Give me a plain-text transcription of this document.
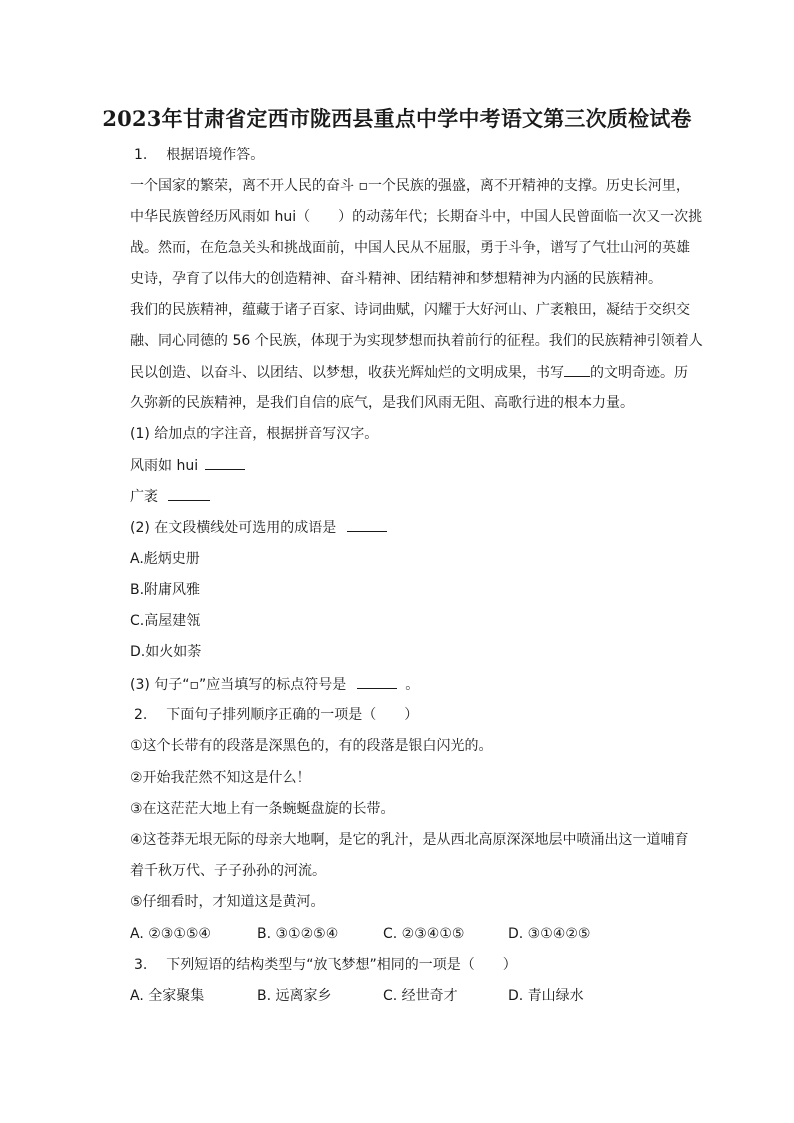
2023年甘肃省定西市陇西县重点中学中考语文第三次质检试卷
1. 根据语境作答。
一个国家的繁荣，离不开人民的奋斗 ▫一个民族的强盛，离不开精神的支撑。历史长河里，
中华民族曾经历风雨如 hui（　　）的动荡年代；长期奋斗中，中国人民曾面临一次又一次挑
战。然而，在危急关头和挑战面前，中国人民从不屈服，勇于斗争，谱写了气壮山河的英雄
史诗，孕育了以伟大的创造精神、奋斗精神、团结精神和梦想精神为内涵的民族精神。
我们的民族精神，蕴藏于诸子百家、诗词曲赋，闪耀于大好河山、广袤粮田，凝结于交织交
融、同心同德的 56 个民族，体现于为实现梦想而执着前行的征程。我们的民族精神引领着人
民以创造、以奋斗、以团结、以梦想，收获光辉灿烂的文明成果，书写 的文明奇迹。历
久弥新的民族精神，是我们自信的底气，是我们风雨无阻、高歌行进的根本力量。
(1) 给加点的字注音，根据拼音写汉字。
风雨如 hui
广袤
(2) 在文段横线处可选用的成语是
A.彪炳史册
B.附庸风雅
C.高屋建瓴
D.如火如荼
(3) 句子“▫”应当填写的标点符号是	。
2. 下面句子排列顺序正确的一项是（　　）
①这个长带有的段落是深黑色的，有的段落是银白闪光的。
②开始我茫然不知这是什么！
③在这茫茫大地上有一条蜿蜒盘旋的长带。
④这苍莽无垠无际的母亲大地啊，是它的乳汁，是从西北高原深深地层中喷涌出这一道哺育
着千秋万代、子子孙孙的河流。
⑤仔细看时，才知道这是黄河。
A. ②③①⑤④	B. ③①②⑤④	C. ②③④①⑤	D. ③①④②⑤
3. 下列短语的结构类型与“放飞梦想”相同的一项是（　　）
A. 全家聚集	B. 远离家乡	C. 经世奇才	D. 青山绿水
